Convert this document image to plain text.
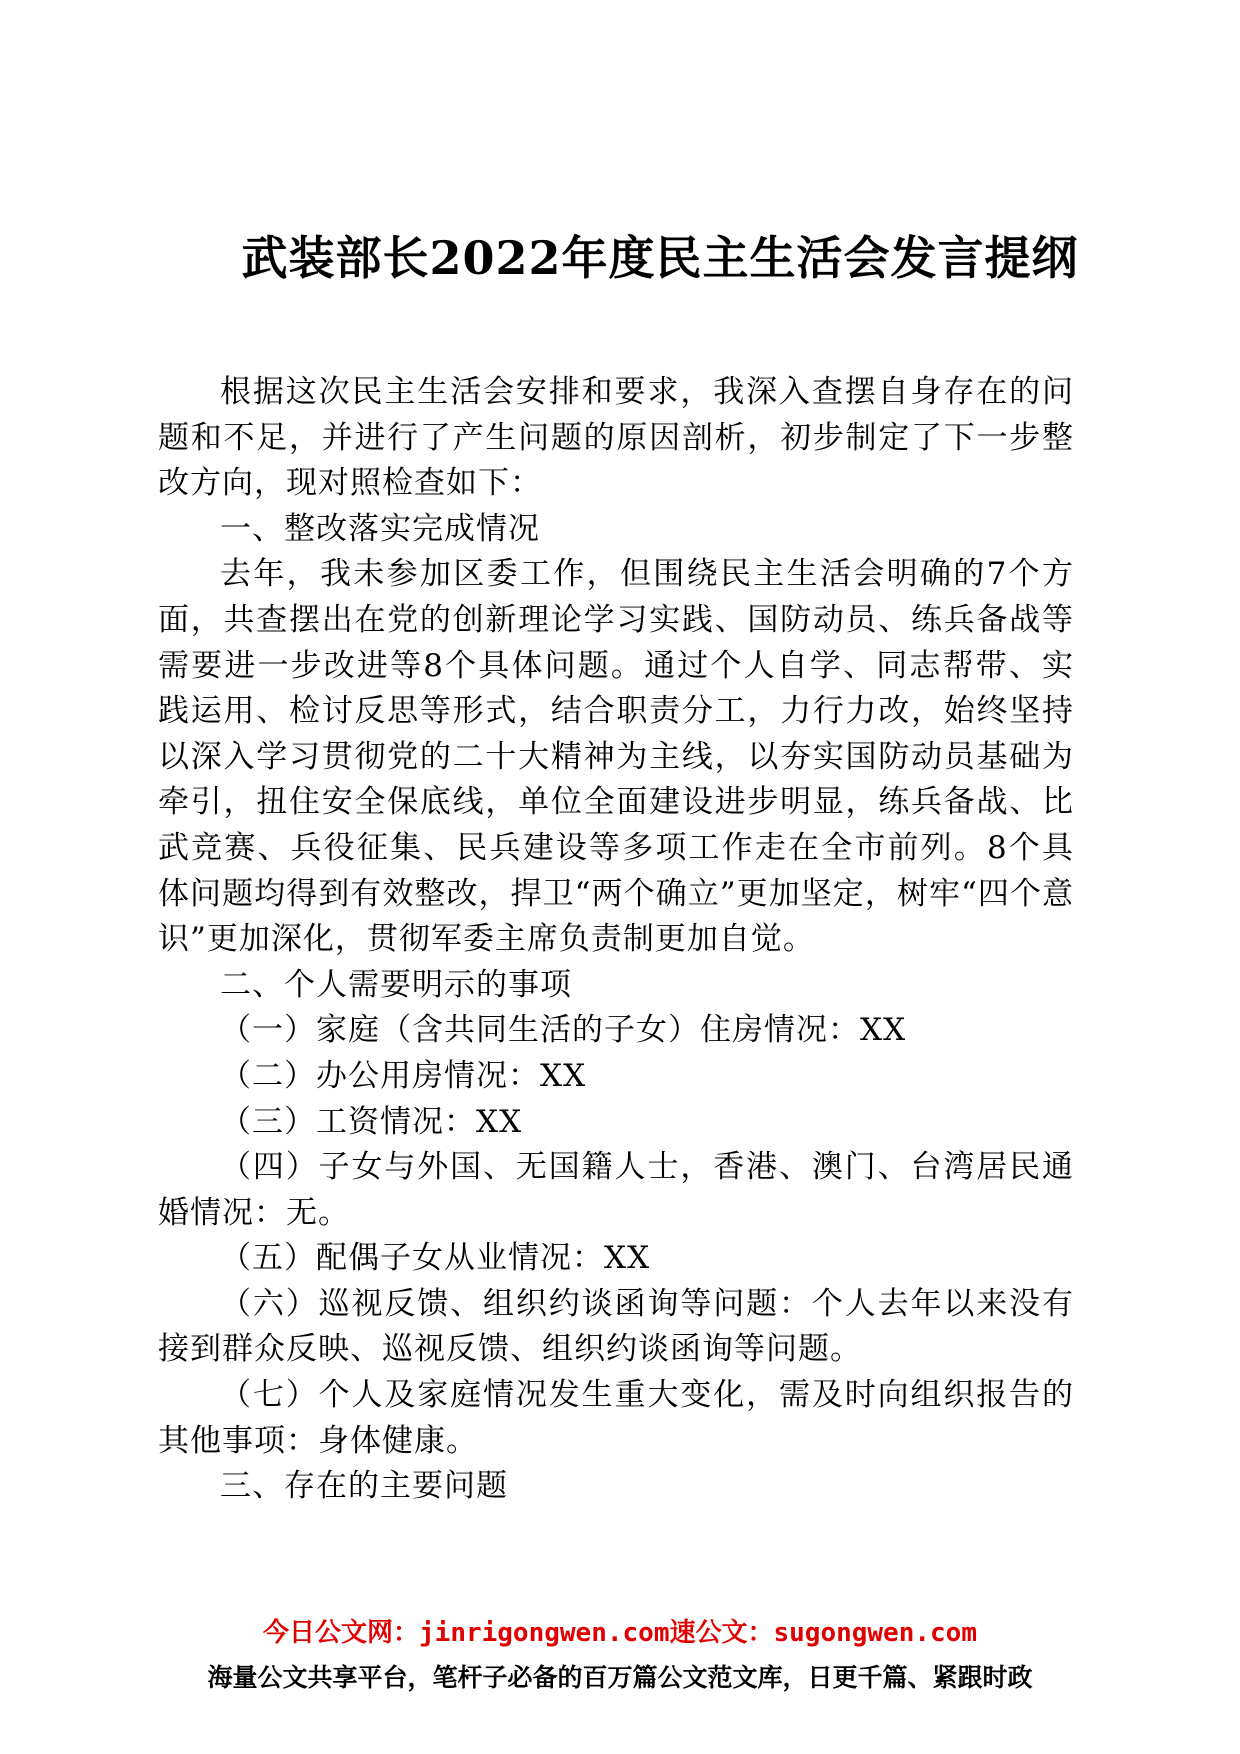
武装部长2022年度民主生活会发言提纲

根据这次民主生活会安排和要求，我深入查摆自身存在的问题和不足，并进行了产生问题的原因剖析，初步制定了下一步整改方向，现对照检查如下：

一、整改落实完成情况

去年，我未参加区委工作，但围绕民主生活会明确的7个方面，共查摆出在党的创新理论学习实践、国防动员、练兵备战等需要进一步改进等8个具体问题。通过个人自学、同志帮带、实践运用、检讨反思等形式，结合职责分工，力行力改，始终坚持以深入学习贯彻党的二十大精神为主线，以夯实国防动员基础为牵引，扭住安全保底线，单位全面建设进步明显，练兵备战、比武竞赛、兵役征集、民兵建设等多项工作走在全市前列。8个具体问题均得到有效整改，捍卫“两个确立”更加坚定，树牢“四个意识”更加深化，贯彻军委主席负责制更加自觉。

二、个人需要明示的事项

（一）家庭（含共同生活的子女）住房情况：XX

（二）办公用房情况：XX

（三）工资情况：XX

（四）子女与外国、无国籍人士，香港、澳门、台湾居民通婚情况：无。

（五）配偶子女从业情况：XX

（六）巡视反馈、组织约谈函询等问题：个人去年以来没有接到群众反映、巡视反馈、组织约谈函询等问题。

（七）个人及家庭情况发生重大变化，需及时向组织报告的其他事项：身体健康。

三、存在的主要问题

今日公文网：jinrigongwen.com速公文：sugongwen.com
海量公文共享平台，笔杆子必备的百万篇公文范文库，日更千篇、紧跟时政
